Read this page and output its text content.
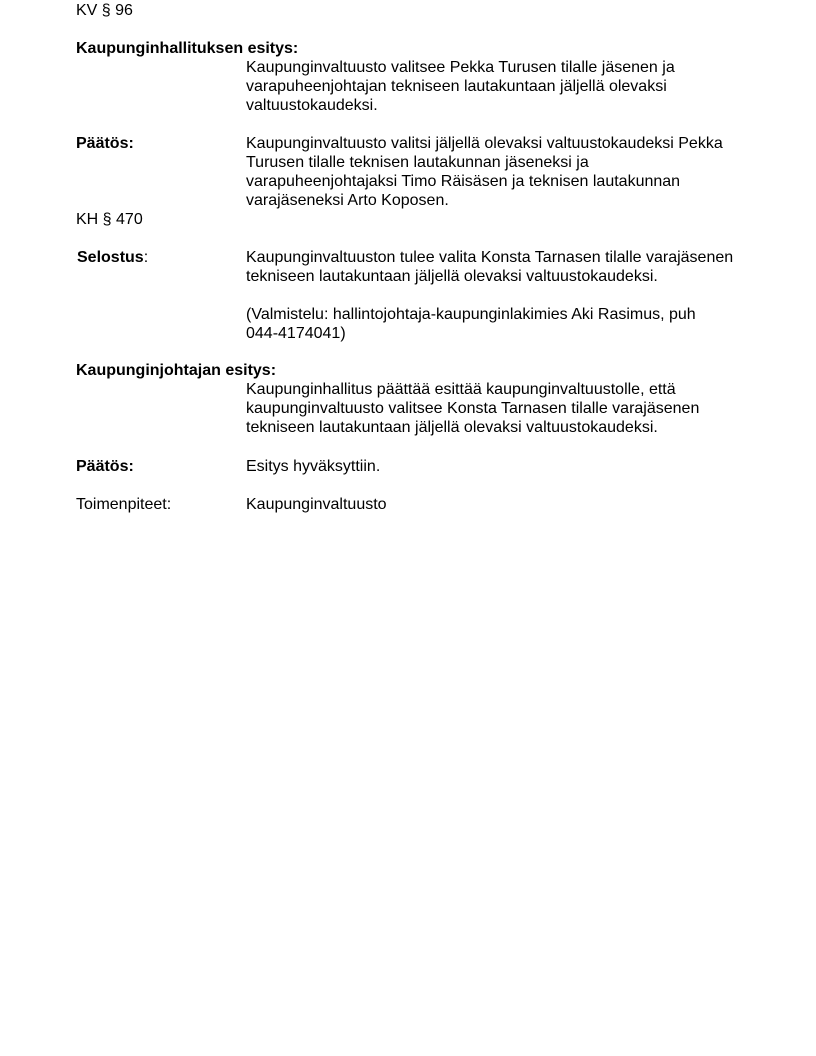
KV § 96
Kaupunginhallituksen esitys:
Kaupunginvaltuusto valitsee Pekka Turusen tilalle jäsenen ja
varapuheenjohtajan tekniseen lautakuntaan jäljellä olevaksi
valtuustokaudeksi.
Päätös:	Kaupunginvaltuusto valitsi jäljellä olevaksi valtuustokaudeksi Pekka
Turusen tilalle teknisen lautakunnan jäseneksi ja
varapuheenjohtajaksi Timo Räisäsen ja teknisen lautakunnan
varajäseneksi Arto Koposen.
KH § 470
Selostus:	Kaupunginvaltuuston tulee valita Konsta Tarnasen tilalle varajäsenen
tekniseen lautakuntaan jäljellä olevaksi valtuustokaudeksi.
(Valmistelu: hallintojohtaja-kaupunginlakimies Aki Rasimus, puh
044-4174041)
Kaupunginjohtajan esitys:
Kaupunginhallitus päättää esittää kaupunginvaltuustolle, että
kaupunginvaltuusto valitsee Konsta Tarnasen tilalle varajäsenen
tekniseen lautakuntaan jäljellä olevaksi valtuustokaudeksi.
Päätös:	Esitys hyväksyttiin.
Toimenpiteet:	Kaupunginvaltuusto
